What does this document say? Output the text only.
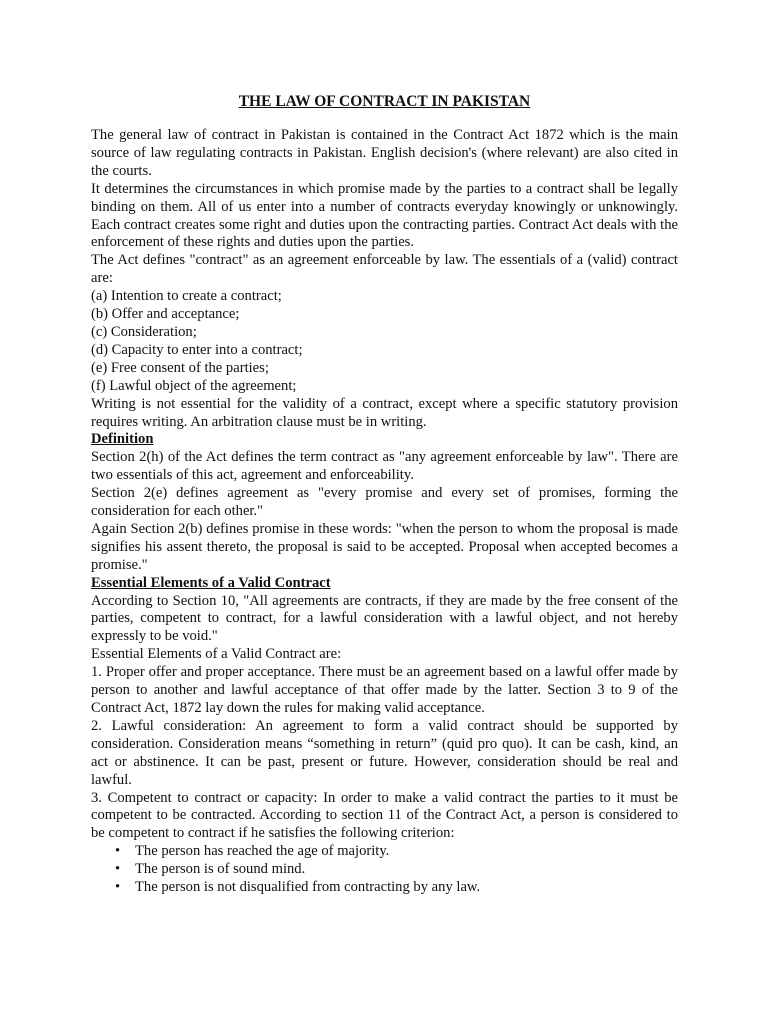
THE LAW OF CONTRACT IN PAKISTAN

The general law of contract in Pakistan is contained in the Contract Act 1872 which is the main source of law regulating contracts in Pakistan. English decision's (where relevant) are also cited in the courts.

It determines the circumstances in which promise made by the parties to a contract shall be legally binding on them. All of us enter into a number of contracts everyday knowingly or unknowingly. Each contract creates some right and duties upon the contracting parties. Contract Act deals with the enforcement of these rights and duties upon the parties.

The Act defines "contract" as an agreement enforceable by law. The essentials of a (valid) contract are:

(a) Intention to create a contract;

(b) Offer and acceptance;

(c) Consideration;

(d) Capacity to enter into a contract;

(e) Free consent of the parties;

(f) Lawful object of the agreement;

Writing is not essential for the validity of a contract, except where a specific statutory provision requires writing. An arbitration clause must be in writing.

Definition

Section 2(h) of the Act defines the term contract as "any agreement enforceable by law". There are two essentials of this act, agreement and enforceability.

Section 2(e) defines agreement as "every promise and every set of promises, forming the consideration for each other."

Again Section 2(b) defines promise in these words: "when the person to whom the proposal is made signifies his assent thereto, the proposal is said to be accepted. Proposal when accepted becomes a promise."

Essential Elements of a Valid Contract

According to Section 10, "All agreements are contracts, if they are made by the free consent of the parties, competent to contract, for a lawful consideration with a lawful object, and not hereby expressly to be void."

Essential Elements of a Valid Contract are:

1. Proper offer and proper acceptance. There must be an agreement based on a lawful offer made by person to another and lawful acceptance of that offer made by the latter. Section 3 to 9 of the Contract Act, 1872 lay down the rules for making valid acceptance.

2. Lawful consideration: An agreement to form a valid contract should be supported by consideration. Consideration means “something in return” (quid pro quo). It can be cash, kind, an act or abstinence. It can be past, present or future. However, consideration should be real and lawful.

3. Competent to contract or capacity: In order to make a valid contract the parties to it must be competent to be contracted. According to section 11 of the Contract Act, a person is considered to be competent to contract if he satisfies the following criterion:

• The person has reached the age of majority.
• The person is of sound mind.
• The person is not disqualified from contracting by any law.
